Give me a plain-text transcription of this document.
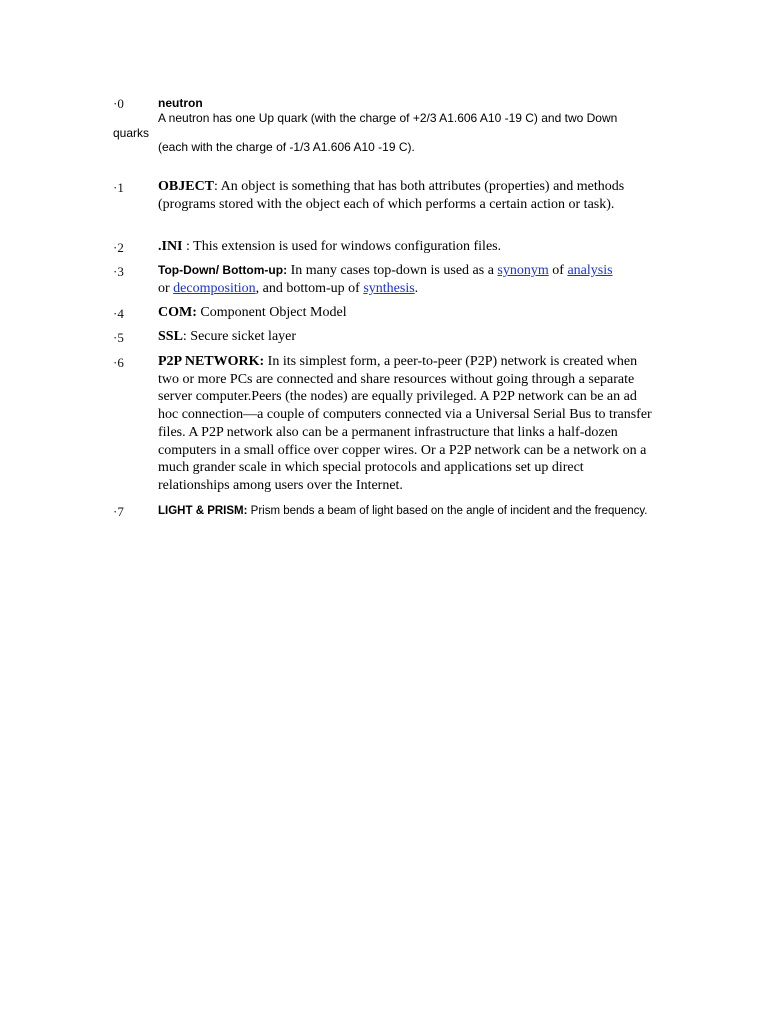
·0	neutron
A neutron has one Up quark (with the charge of +2/3 A1.606 A10 -19 C) and two Down
quarks
(each with the charge of -1/3 A1.606 A10 -19 C).
·1 OBJECT: An object is something that has both attributes (properties) and methods (programs stored with the object each of which performs a certain action or task).
·2 .INI : This extension is used for windows configuration files.
·3	Top-Down/ Bottom-up: In many cases top-down is used as a synonym of analysis
or decomposition, and bottom-up of synthesis.
·4 COM: Component Object Model
·5 SSL: Secure sicket layer
·6 P2P NETWORK: In its simplest form, a peer-to-peer (P2P) network is created when two or more PCs are connected and share resources without going through a separate server computer.Peers (the nodes) are equally privileged. A P2P network can be an ad hoc connection—a couple of computers connected via a Universal Serial Bus to transfer files. A P2P network also can be a permanent infrastructure that links a half-dozen computers in a small office over copper wires. Or a P2P network can be a network on a much grander scale in which special protocols and applications set up direct relationships among users over the Internet.
·7	LIGHT & PRISM: Prism bends a beam of light based on the angle of incident and the frequency.
